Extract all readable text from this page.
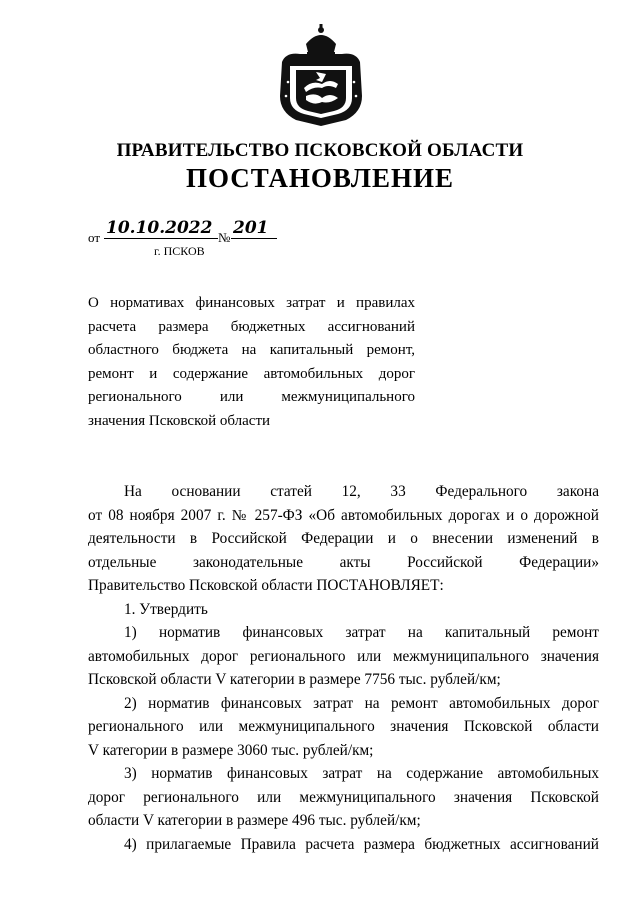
ПРАВИТЕЛЬСТВО ПСКОВСКОЙ ОБЛАСТИ
ПОСТАНОВЛЕНИЕ
от 10.10.2022 № 201
г. ПСКОВ
О нормативах финансовых затрат и правилах
расчета размера бюджетных ассигнований
областного бюджета на капитальный ремонт,
ремонт и содержание автомобильных дорог
регионального или межмуниципального
значения Псковской области
На основании статей 12, 33 Федерального закона
от 08 ноября 2007 г. № 257-ФЗ «Об автомобильных дорогах и о дорожной
деятельности в Российской Федерации и о внесении изменений в
отдельные законодательные акты Российской Федерации»
Правительство Псковской области ПОСТАНОВЛЯЕТ:
1. Утвердить
1) норматив финансовых затрат на капитальный ремонт
автомобильных дорог регионального или межмуниципального значения
Псковской области V категории в размере 7756 тыс. рублей/км;
2) норматив финансовых затрат на ремонт автомобильных дорог
регионального или межмуниципального значения Псковской области
V категории в размере 3060 тыс. рублей/км;
3) норматив финансовых затрат на содержание автомобильных
дорог регионального или межмуниципального значения Псковской
области V категории в размере 496 тыс. рублей/км;
4) прилагаемые Правила расчета размера бюджетных ассигнований
